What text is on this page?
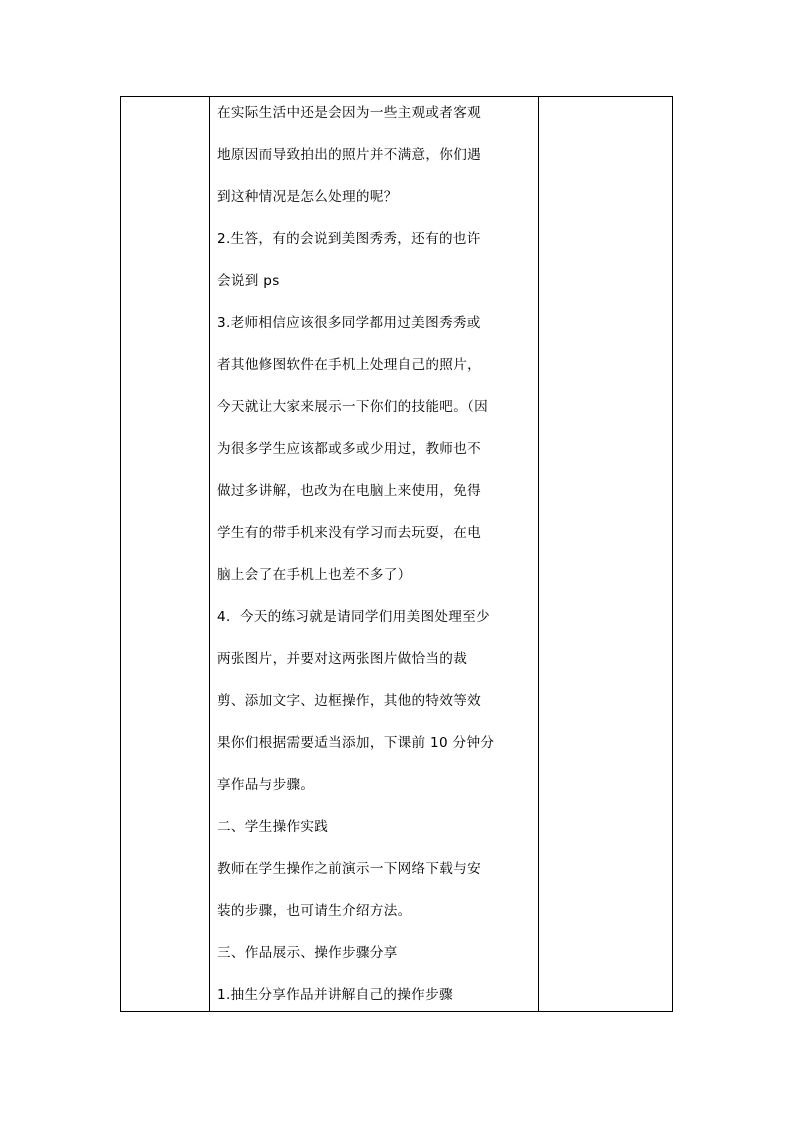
在实际生活中还是会因为一些主观或者客观
地原因而导致拍出的照片并不满意，你们遇
到这种情况是怎么处理的呢？
2.生答，有的会说到美图秀秀，还有的也许
会说到 ps
3.老师相信应该很多同学都用过美图秀秀或
者其他修图软件在手机上处理自己的照片，
今天就让大家来展示一下你们的技能吧。（因
为很多学生应该都或多或少用过，教师也不
做过多讲解，也改为在电脑上来使用，免得
学生有的带手机来没有学习而去玩耍，在电
脑上会了在手机上也差不多了）
4．今天的练习就是请同学们用美图处理至少
两张图片，并要对这两张图片做恰当的裁
剪、添加文字、边框操作，其他的特效等效
果你们根据需要适当添加，下课前 10 分钟分
享作品与步骤。
二、学生操作实践
教师在学生操作之前演示一下网络下载与安
装的步骤，也可请生介绍方法。
三、作品展示、操作步骤分享
1.抽生分享作品并讲解自己的操作步骤
